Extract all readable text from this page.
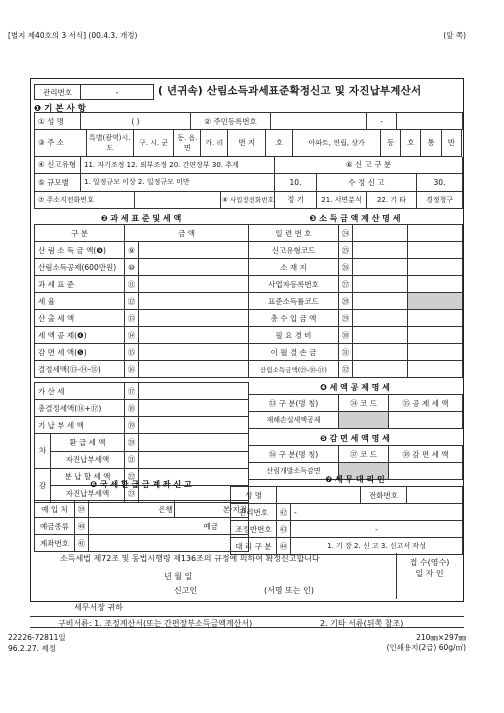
[별지 제40호의 3 서식] (00.4.3. 개정)	(앞 쪽)
관리번호	-	( 년귀속) 산림소득과세표준확정신고 및 자진납부계산서
❶ 기 본 사 항
① 성 명	( )	② 주민등록번호		-	
③ 주 소	특별(광역)시.도	구. 시. 군	동. 읍. 면	가. 리	번 지	호	아파트, 연립, 상가	동	호	통	반
④ 신고유형	11. 자기조정 12. 외부조정 20. 간편장부 30. 추계	⑥ 신 고 구 분
⑤ 규모별	1. 일정규모 이상 2. 일정규모 미만	10.	수 정 신 고	30.
⑦ 주소지전화번호		⑧ 사업장전화번호	정 기	21. 서면분석	22. 기 타	경정청구
❷ 과 세 표 준 및 세 액	❸ 소 득 금 액 계 산 명 세
구 분	금 액	
산 림 소 득 금 액(❾)	⑨	
산림소득공제(600만원)	⑩	
과 세 표 준	⑪	
세 율	⑫	
산 출 세 액	⑬	
세 액 공 제(❹)	⑭	
감 면 세 액(❺)	⑮	
결정세액(⑬-⑭-⑮)	⑯	
가 산 세	⑰	
총결정세액(⑯+⑰)	⑱	
기 납 부 세 액	⑲	
차	환 급 세 액	⑳	
	자진납부세액	㉑	
감	분 납 할 세 액	㉒	
	자진납부세액	㉓	
일 련 번 호	㉔		
신고유형코드	㉕		
소 재 지	㉖		
사업자등록번호	㉗		
표준소득률코드	㉘		
총 수 입 금 액	㉙		
필 요 경 비	㉚		
이 월 결 손 금	㉛		
산림소득금액(㉙-㉚-㉛)	㉜		
❹ 세 액 공 제 명 세
㉝ 구 분(명 칭)	㉞ 코 드	㉟ 공 제 세 액
재해손실세액공제		
❺ 감 면 세 액 명 세
㊱ 구 분(명 칭)	㊲ 코 드	㊳ 감 면 세 액
산림개발소득감면		
❻ 국 세 환 급 금 계 좌 신 고
❼ 세 무 대 리 인
예 입 처	㊴	은행	본·지점
예금종류	㊵	예금	
계좌번호	㊶		
성 명			전화번호	
관리번호	㊷	-		
조정반번호	㊸	-		
대 리 구 분	㊹	1. 기 장 2. 신 고 3. 신고서 작성		
소득세법 제72조 및 동법시행령 제136조의 규정에 의하여 확정신고합니다
년 월 일
신고인	(서명 또는 인)
접 수(영수)
일 자 인
세무서장 귀하
구비서류: 1. 조정계산서(또는 간편장부소득금액계산서)	2. 기타 서류(뒤쪽 참조)
22226-72811일
96.2.27. 제정
210㎜×297㎜
(인쇄용지(2급) 60g/㎡)
